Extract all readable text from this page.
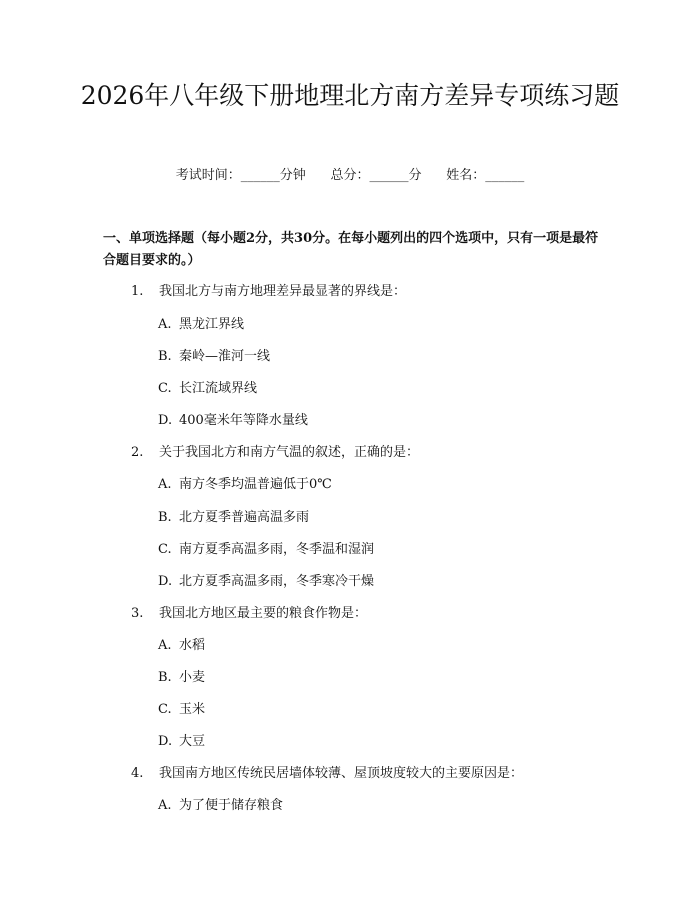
2026年八年级下册地理北方南方差异专项练习题
考试时间：______分钟      总分：______分      姓名：______

一、单项选择题（每小题2分，共30分。在每小题列出的四个选项中，只有一项是最符合题目要求的。）

1. 我国北方与南方地理差异最显著的界线是：
A. 黑龙江界线
B. 秦岭—淮河一线
C. 长江流域界线
D. 400毫米年等降水量线
2. 关于我国北方和南方气温的叙述，正确的是：
A. 南方冬季均温普遍低于0℃
B. 北方夏季普遍高温多雨
C. 南方夏季高温多雨，冬季温和湿润
D. 北方夏季高温多雨，冬季寒冷干燥
3. 我国北方地区最主要的粮食作物是：
A. 水稻
B. 小麦
C. 玉米
D. 大豆
4. 我国南方地区传统民居墙体较薄、屋顶坡度较大的主要原因是：
A. 为了便于储存粮食
